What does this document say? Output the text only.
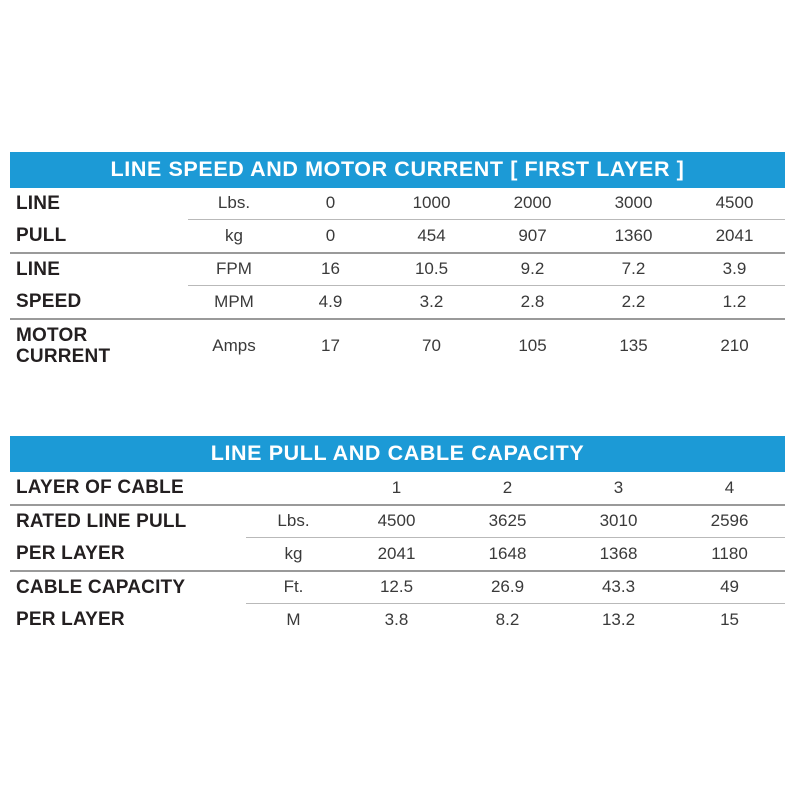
LINE SPEED AND MOTOR CURRENT [ FIRST LAYER ]						
LINE	Lbs.	0	1000	2000	3000	4500
PULL	kg	0	454	907	1360	2041
LINE	FPM	16	10.5	9.2	7.2	3.9
SPEED	MPM	4.9	3.2	2.8	2.2	1.2

MOTOR
CURRENT	Amps	17	70	105	135	210
LINE PULL AND CABLE CAPACITY					
LAYER OF CABLE		1	2	3	4
RATED LINE PULL	Lbs.	4500	3625	3010	2596
PER LAYER	kg	2041	1648	1368	1180
CABLE CAPACITY	Ft.	12.5	26.9	43.3	49
PER LAYER	M	3.8	8.2	13.2	15
